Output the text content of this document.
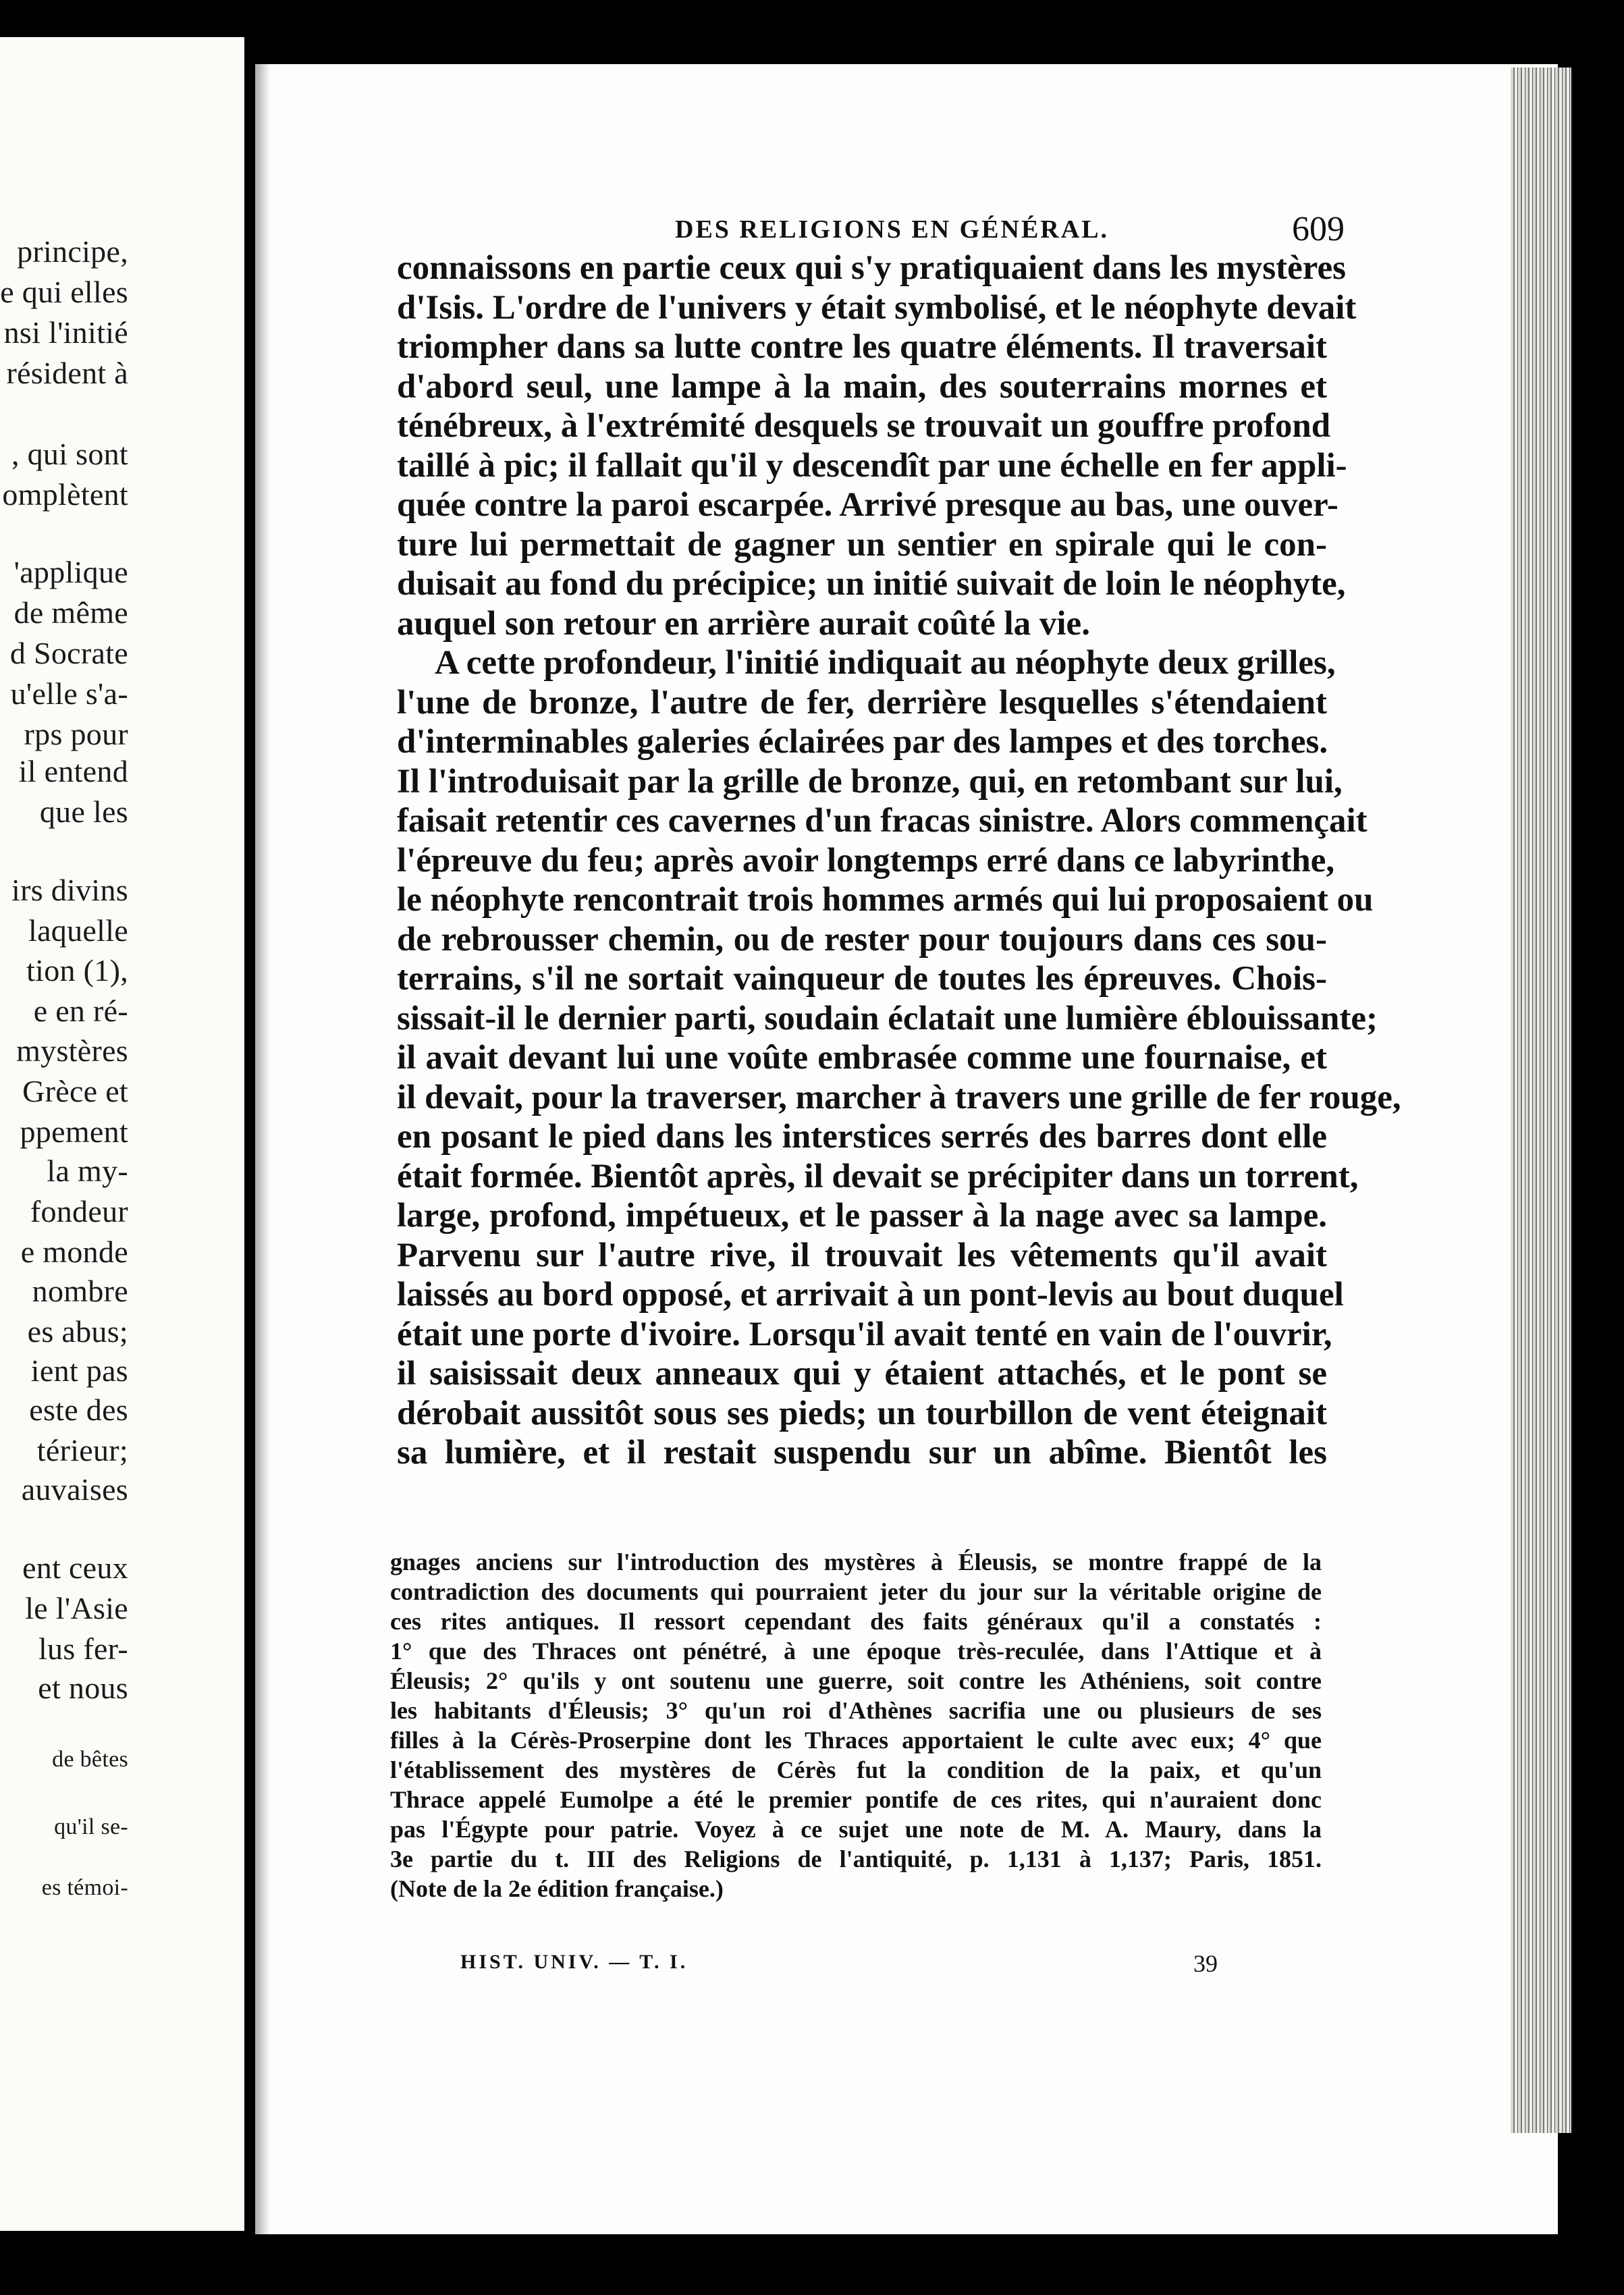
principe,
e qui elles
nsi l'initié
résident à
, qui sont
omplètent
'applique
de même
d Socrate
u'elle s'a-
rps pour
il entend
que les
irs divins
laquelle
tion (1),
e en ré-
mystères
Grèce et
ppement
la my-
fondeur
e monde
nombre
es abus;
ient pas
este des
térieur;
auvaises
ent ceux
le l'Asie
lus fer-
et nous
de bêtes
qu'il se-
es témoi-
DES RELIGIONS EN GÉNÉRAL.	609
connaissons en partie ceux qui s'y pratiquaient dans les mystères
d'Isis. L'ordre de l'univers y était symbolisé, et le néophyte devait
triompher dans sa lutte contre les quatre éléments. Il traversait
d'abord seul, une lampe à la main, des souterrains mornes et
ténébreux, à l'extrémité desquels se trouvait un gouffre profond
taillé à pic; il fallait qu'il y descendît par une échelle en fer appli-
quée contre la paroi escarpée. Arrivé presque au bas, une ouver-
ture lui permettait de gagner un sentier en spirale qui le con-
duisait au fond du précipice; un initié suivait de loin le néophyte,
auquel son retour en arrière aurait coûté la vie.
A cette profondeur, l'initié indiquait au néophyte deux grilles,
l'une de bronze, l'autre de fer, derrière lesquelles s'étendaient
d'interminables galeries éclairées par des lampes et des torches.
Il l'introduisait par la grille de bronze, qui, en retombant sur lui,
faisait retentir ces cavernes d'un fracas sinistre. Alors commençait
l'épreuve du feu; après avoir longtemps erré dans ce labyrinthe,
le néophyte rencontrait trois hommes armés qui lui proposaient ou
de rebrousser chemin, ou de rester pour toujours dans ces sou-
terrains, s'il ne sortait vainqueur de toutes les épreuves. Chois-
sissait-il le dernier parti, soudain éclatait une lumière éblouissante;
il avait devant lui une voûte embrasée comme une fournaise, et
il devait, pour la traverser, marcher à travers une grille de fer rouge,
en posant le pied dans les interstices serrés des barres dont elle
était formée. Bientôt après, il devait se précipiter dans un torrent,
large, profond, impétueux, et le passer à la nage avec sa lampe.
Parvenu sur l'autre rive, il trouvait les vêtements qu'il avait
laissés au bord opposé, et arrivait à un pont-levis au bout duquel
était une porte d'ivoire. Lorsqu'il avait tenté en vain de l'ouvrir,
il saisissait deux anneaux qui y étaient attachés, et le pont se
dérobait aussitôt sous ses pieds; un tourbillon de vent éteignait
sa lumière, et il restait suspendu sur un abîme. Bientôt les
gnages anciens sur l'introduction des mystères à Éleusis, se montre frappé de la
contradiction des documents qui pourraient jeter du jour sur la véritable origine de
ces rites antiques. Il ressort cependant des faits généraux qu'il a constatés :
1° que des Thraces ont pénétré, à une époque très-reculée, dans l'Attique et à
Éleusis; 2° qu'ils y ont soutenu une guerre, soit contre les Athéniens, soit contre
les habitants d'Éleusis; 3° qu'un roi d'Athènes sacrifia une ou plusieurs de ses
filles à la Cérès-Proserpine dont les Thraces apportaient le culte avec eux; 4° que
l'établissement des mystères de Cérès fut la condition de la paix, et qu'un
Thrace appelé Eumolpe a été le premier pontife de ces rites, qui n'auraient donc
pas l'Égypte pour patrie. Voyez à ce sujet une note de M. A. Maury, dans la
3e partie du t. III des Religions de l'antiquité, p. 1,131 à 1,137; Paris, 1851.
(Note de la 2e édition française.)
HIST. UNIV. — T. I.	39
